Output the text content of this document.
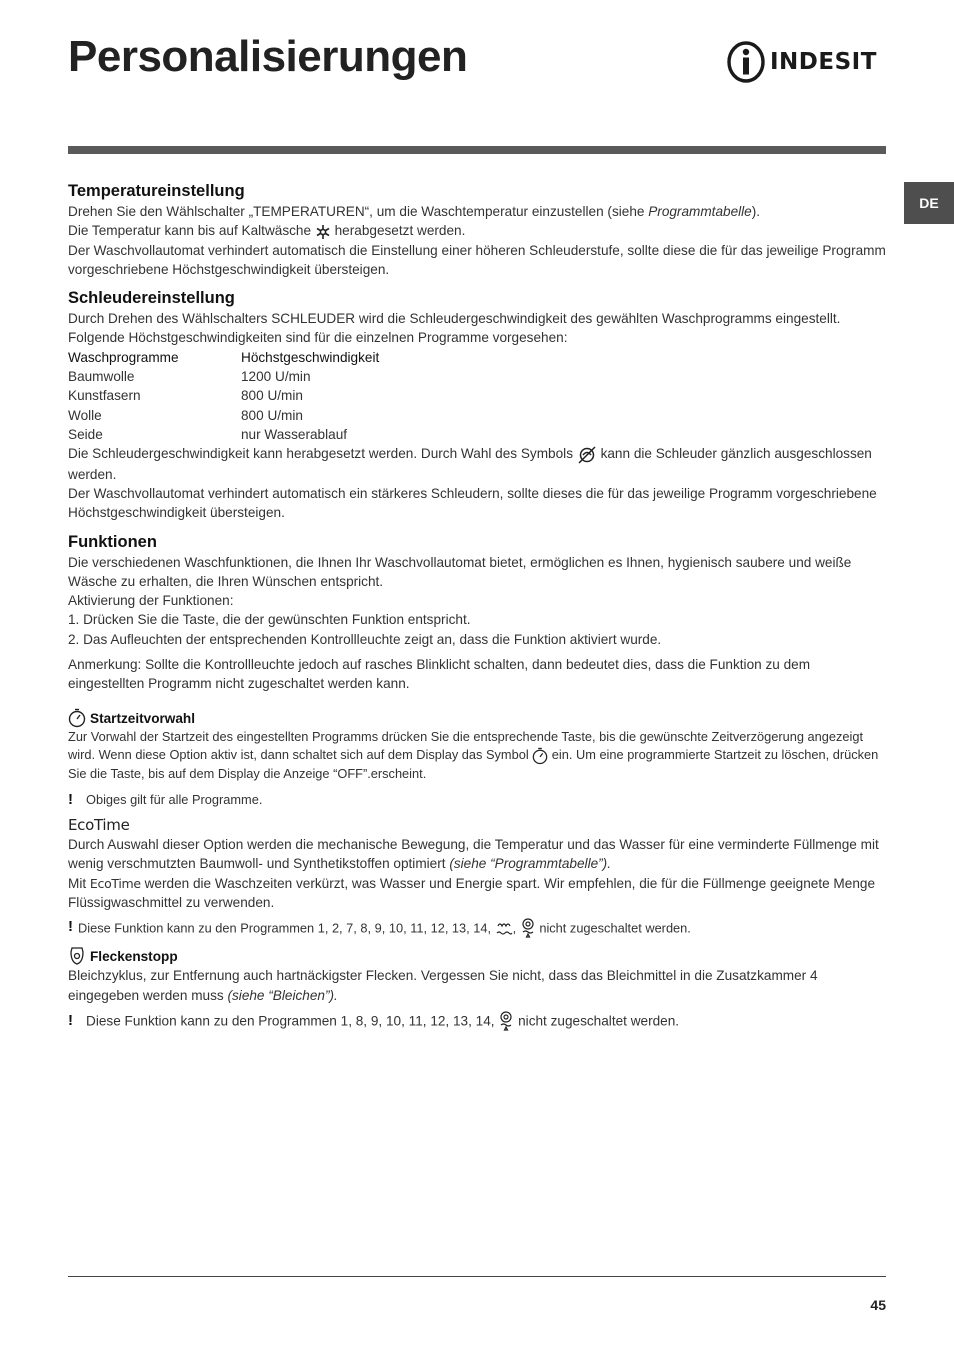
Personalisierungen	INDESIT
DE
Temperatureinstellung

Drehen Sie den Wählschalter „TEMPERATUREN“, um die Waschtemperatur einzustellen (siehe Programmtabelle).

Die Temperatur kann bis auf Kaltwäsche herabgesetzt werden.

Der Waschvollautomat verhindert automatisch die Einstellung einer höheren Schleuderstufe, sollte diese die für das jeweilige Programm vorgeschriebene Höchstgeschwindigkeit übersteigen.

Schleudereinstellung

Durch Drehen des Wählschalters SCHLEUDER wird die Schleudergeschwindigkeit des gewählten Waschprogramms eingestellt.

Folgende Höchstgeschwindigkeiten sind für die einzelnen Programme vorgesehen:

Waschprogramme	Höchstgeschwindigkeit
Baumwolle	1200 U/min
Kunstfasern	800 U/min
Wolle	800 U/min
Seide	nur Wasserablauf

Die Schleudergeschwindigkeit kann herabgesetzt werden. Durch Wahl des Symbols kann die Schleuder gänzlich ausgeschlossen werden.

Der Waschvollautomat verhindert automatisch ein stärkeres Schleudern, sollte dieses die für das jeweilige Programm vorgeschriebene Höchstgeschwindigkeit übersteigen.

Funktionen

Die verschiedenen Waschfunktionen, die Ihnen Ihr Waschvollautomat bietet, ermöglichen es Ihnen, hygienisch saubere und weiße Wäsche zu erhalten, die Ihren Wünschen entspricht.

Aktivierung der Funktionen:

1. Drücken Sie die Taste, die der gewünschten Funktion entspricht.

2. Das Aufleuchten der entsprechenden Kontrollleuchte zeigt an, dass die Funktion aktiviert wurde.

Anmerkung: Sollte die Kontrollleuchte jedoch auf rasches Blinklicht schalten, dann bedeutet dies, dass die Funktion zu dem eingestellten Programm nicht zugeschaltet werden kann.

Startzeitvorwahl

Zur Vorwahl der Startzeit des eingestellten Programms drücken Sie die entsprechende Taste, bis die gewünschte Zeitverzögerung angezeigt wird. Wenn diese Option aktiv ist, dann schaltet sich auf dem Display das Symbol ein. Um eine programmierte Startzeit zu löschen, drücken Sie die Taste, bis auf dem Display die Anzeige “OFF”.erscheint.

!	Obiges gilt für alle Programme.
EcoTime

Durch Auswahl dieser Option werden die mechanische Bewegung, die Temperatur und das Wasser für eine verminderte Füllmenge mit wenig verschmutzten Baumwoll- und Synthetikstoffen optimiert (siehe “Programmtabelle”).

Mit EcoTime werden die Waschzeiten verkürzt, was Wasser und Energie spart. Wir empfehlen, die für die Füllmenge geeignete Menge Flüssigwaschmittel zu verwenden.

! Diese Funktion kann zu den Programmen 1, 2, 7, 8, 9, 10, 11, 12, 13, 14, ,  nicht zugeschaltet werden.
Fleckenstopp

Bleichzyklus, zur Entfernung auch hartnäckigster Flecken. Vergessen Sie nicht, dass das Bleichmittel in die Zusatzkammer 4 eingegeben werden muss (siehe “Bleichen”).

! Diese Funktion kann zu den Programmen 1, 8, 9, 10, 11, 12, 13, 14, nicht zugeschaltet werden.
45
